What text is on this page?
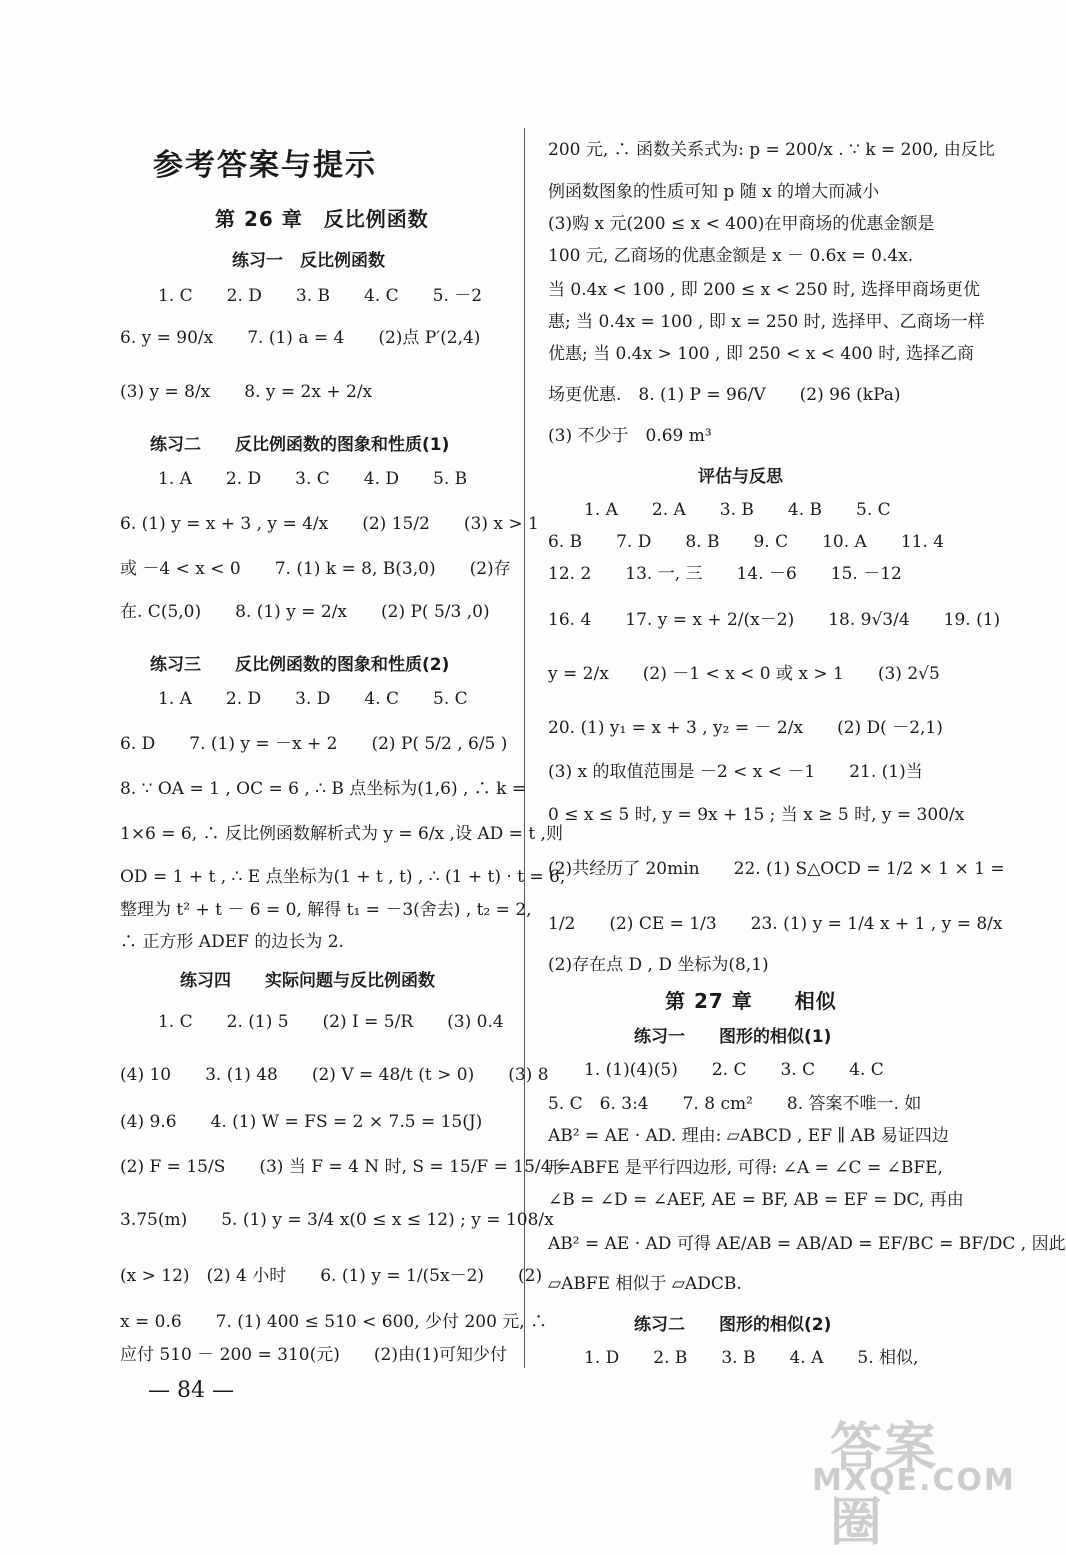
参考答案与提示
第 26 章　反比例函数
练习一　反比例函数
1. C　　2. D　　3. B　　4. C　　5. －2
6. y = 90/x　　7. (1) a = 4　　(2)点 P′(2,4)
(3) y = 8/x　　8. y = 2x + 2/x
练习二　　反比例函数的图象和性质(1)
1. A　　2. D　　3. C　　4. D　　5. B
6. (1) y = x + 3 , y = 4/x　　(2) 15/2　　(3) x > 1
或 －4 < x < 0　　7. (1) k = 8, B(3,0)　　(2)存
在. C(5,0)　　8. (1) y = 2/x　　(2) P( 5/3 ,0)
练习三　　反比例函数的图象和性质(2)
1. A　　2. D　　3. D　　4. C　　5. C
6. D　　7. (1) y = －x + 2　　(2) P( 5/2 , 6/5 )
8. ∵ OA = 1 , OC = 6 , ∴ B 点坐标为(1,6) , ∴ k =
1×6 = 6, ∴ 反比例函数解析式为 y = 6/x ,设 AD = t ,则
OD = 1 + t , ∴ E 点坐标为(1 + t , t) , ∴ (1 + t) · t = 6,
整理为 t² + t － 6 = 0, 解得 t₁ = －3(舍去) , t₂ = 2,
∴ 正方形 ADEF 的边长为 2.
练习四　　实际问题与反比例函数
1. C　　2. (1) 5　　(2) I = 5/R　　(3) 0.4
(4) 10　　3. (1) 48　　(2) V = 48/t (t > 0)　　(3) 8
(4) 9.6　　4. (1) W = FS = 2 × 7.5 = 15(J)
(2) F = 15/S　　(3) 当 F = 4 N 时, S = 15/F = 15/4 =
3.75(m)　　5. (1) y = 3/4 x(0 ≤ x ≤ 12) ; y = 108/x
(x > 12)　(2) 4 小时　　6. (1) y = 1/(5x－2)　　(2)
x = 0.6　　7. (1) 400 ≤ 510 < 600, 少付 200 元, ∴
应付 510 － 200 = 310(元)　　(2)由(1)可知少付
— 84 —
200 元, ∴ 函数关系式为: p = 200/x . ∵ k = 200, 由反比
例函数图象的性质可知 p 随 x 的增大而减小
(3)购 x 元(200 ≤ x < 400)在甲商场的优惠金额是
100 元, 乙商场的优惠金额是 x － 0.6x = 0.4x.
当 0.4x < 100 , 即 200 ≤ x < 250 时, 选择甲商场更优
惠; 当 0.4x = 100 , 即 x = 250 时, 选择甲、乙商场一样
优惠; 当 0.4x > 100 , 即 250 < x < 400 时, 选择乙商
场更优惠.　8. (1) P = 96/V　　(2) 96 (kPa)
(3) 不少于　0.69 m³
评估与反思
1. A　　2. A　　3. B　　4. B　　5. C
6. B　　7. D　　8. B　　9. C　　10. A　　11. 4
12. 2　　13. 一, 三　　14. －6　　15. －12
16. 4　　17. y = x + 2/(x－2)　　18. 9√3/4　　19. (1)
y = 2/x　　(2) －1 < x < 0 或 x > 1　　(3) 2√5
20. (1) y₁ = x + 3 , y₂ = － 2/x　　(2) D( －2,1)
(3) x 的取值范围是 －2 < x < －1　　21. (1)当
0 ≤ x ≤ 5 时, y = 9x + 15 ; 当 x ≥ 5 时, y = 300/x
(2)共经历了 20min　　22. (1) S△OCD = 1/2 × 1 × 1 =
1/2　　(2) CE = 1/3　　23. (1) y = 1/4 x + 1 , y = 8/x
(2)存在点 D , D 坐标为(8,1)
第 27 章　　相似
练习一　　图形的相似(1)
1. (1)(4)(5)　　2. C　　3. C　　4. C
5. C　6. 3:4　　7. 8 cm²　　8. 答案不唯一. 如
AB² = AE · AD. 理由: ▱ABCD , EF ∥ AB 易证四边
形 ABFE 是平行四边形, 可得: ∠A = ∠C = ∠BFE,
∠B = ∠D = ∠AEF, AE = BF, AB = EF = DC, 再由
AB² = AE · AD 可得 AE/AB = AB/AD = EF/BC = BF/DC , 因此
▱ABFE 相似于 ▱ADCB.
练习二　　图形的相似(2)
1. D　　2. B　　3. B　　4. A　　5. 相似,
答案圈
MXQE.COM
